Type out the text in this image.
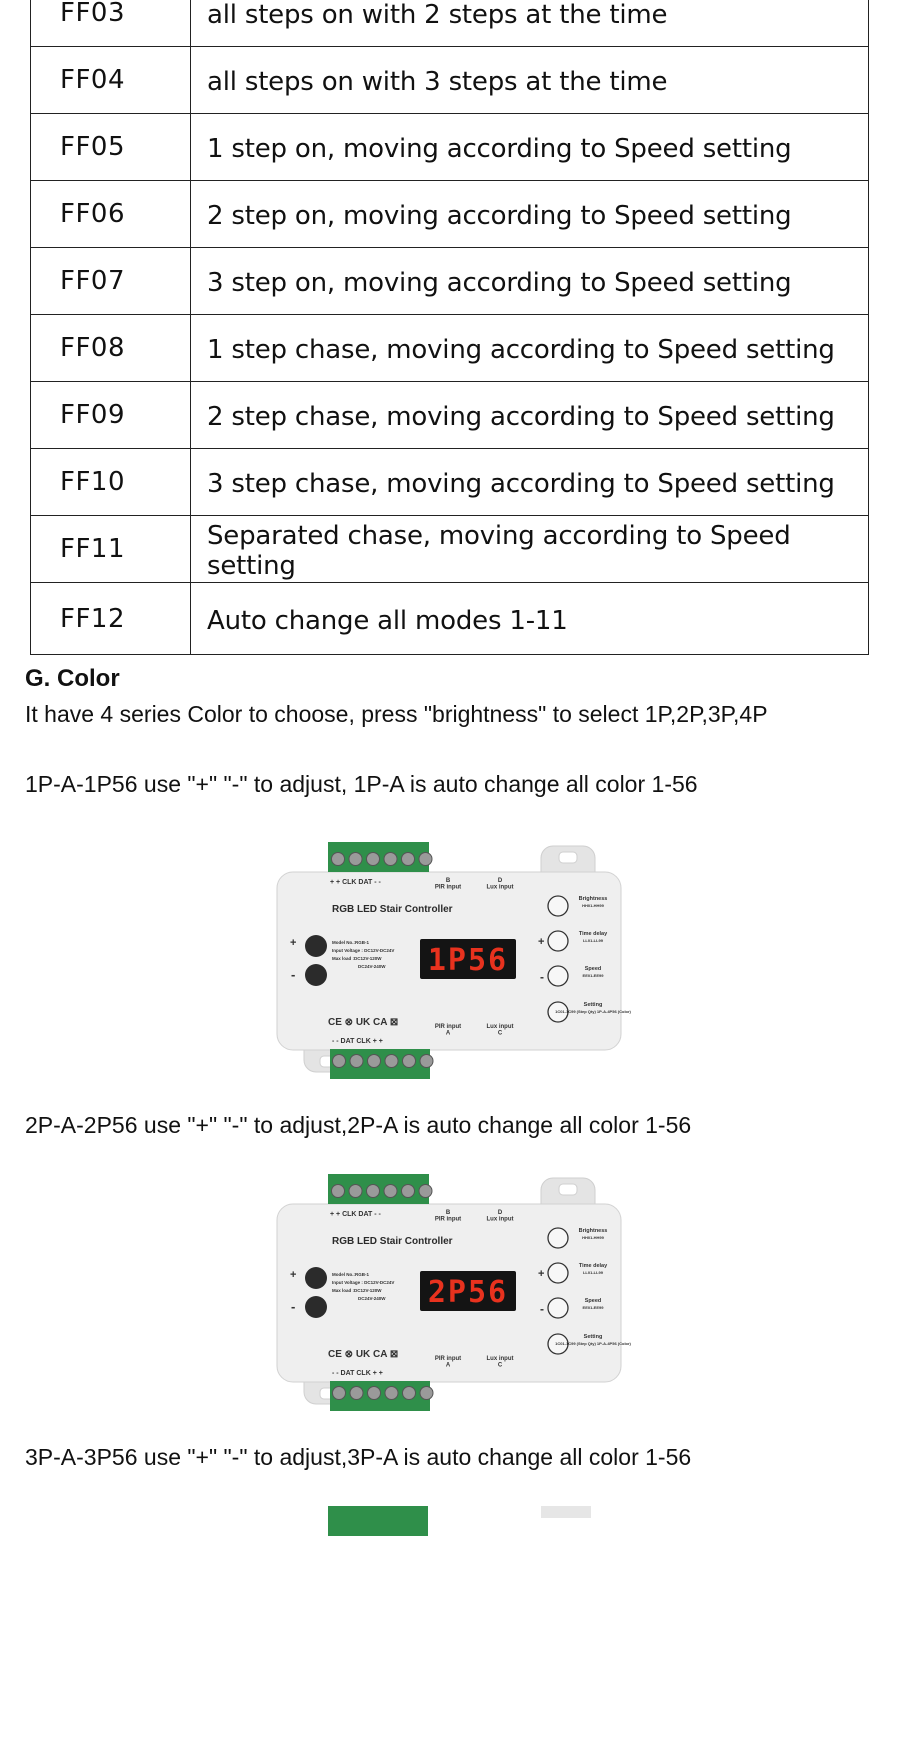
FF03	all steps on with 2 steps at the time
FF04	all steps on with 3 steps at the time
FF05	1 step on, moving according to Speed setting
FF06	2 step on, moving according to Speed setting
FF07	3 step on, moving according to Speed setting
FF08	1 step chase, moving according to Speed setting
FF09	2 step chase, moving according to Speed setting
FF10	3 step chase, moving according to Speed setting
FF11	Separated chase, moving according to Speed setting
FF12	Auto change all modes 1-11
G. Color
It have 4 series Color to choose, press "brightness" to select 1P,2P,3P,4P
1P-A-1P56 use "+" "-" to adjust, 1P-A is auto change all color 1-56
+ + CLK DAT - -
- - DAT CLK + +
B PIR input
D Lux input
PIR input A
Lux input C
RGB LED Stair Controller
+
-
Model No.:RGB-1
Input Voltage : DC12V-DC24V
Max load :DC12V-120W
DC24V-240W
CE ⊗ UK CA ⊠
1P56
Brightness
HH01-HH99
Time delay
LL01-LL99
Speed
EE01-EE99
Setting
1C01-1C99 (Step Qty) 1P-A-4P56 (Color)
+
-
2P-A-2P56 use "+" "-" to adjust,2P-A is auto change all color 1-56
+ + CLK DAT - -
- - DAT CLK + +
B PIR input
D Lux input
PIR input A
Lux input C
RGB LED Stair Controller
+
-
Model No.:RGB-1
Input Voltage : DC12V-DC24V
Max load :DC12V-120W
DC24V-240W
CE ⊗ UK CA ⊠
2P56
Brightness
HH01-HH99
Time delay
LL01-LL99
Speed
EE01-EE99
Setting
1C01-1C99 (Step Qty) 1P-A-4P56 (Color)
+
-
3P-A-3P56 use "+" "-" to adjust,3P-A is auto change all color 1-56
